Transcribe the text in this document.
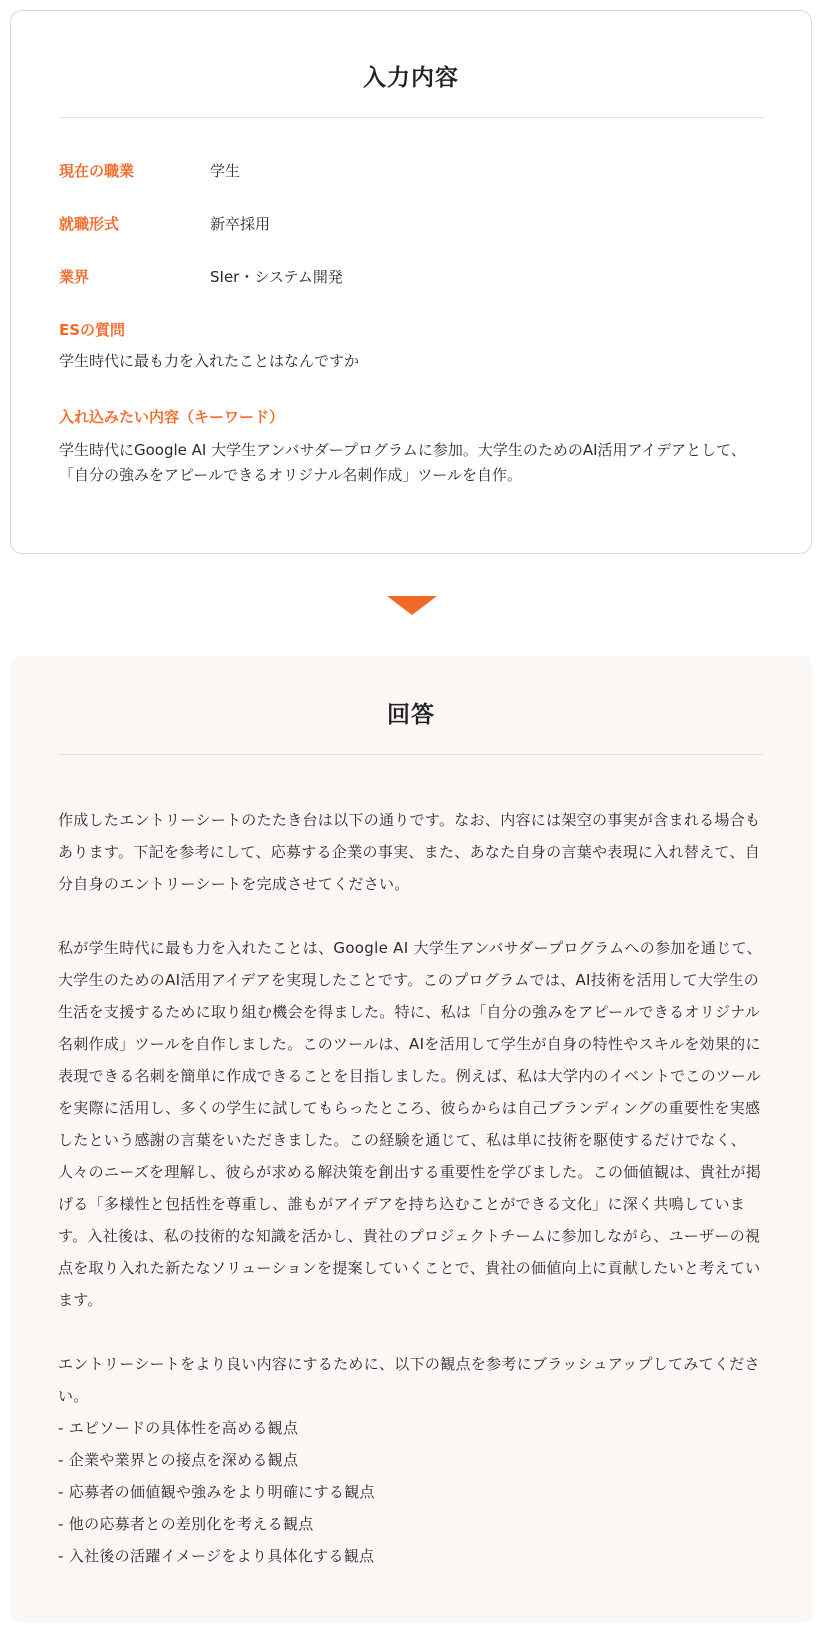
入力内容
現在の職業	学生
就職形式	新卒採用
業界	SIer・システム開発
ESの質問
学生時代に最も力を入れたことはなんですか
入れ込みたい内容（キーワード）
学生時代にGoogle AI 大学生アンバサダープログラムに参加。大学生のためのAI活用アイデアとして、「自分の強みをアピールできるオリジナル名刺作成」ツールを自作。
回答

作成したエントリーシートのたたき台は以下の通りです。なお、内容には架空の事実が含まれる場合もあります。下記を参考にして、応募する企業の事実、また、あなた自身の言葉や表現に入れ替えて、自分自身のエントリーシートを完成させてください。

私が学生時代に最も力を入れたことは、Google AI 大学生アンバサダープログラムへの参加を通じて、大学生のためのAI活用アイデアを実現したことです。このプログラムでは、AI技術を活用して大学生の生活を支援するために取り組む機会を得ました。特に、私は「自分の強みをアピールできるオリジナル名刺作成」ツールを自作しました。このツールは、AIを活用して学生が自身の特性やスキルを効果的に表現できる名刺を簡単に作成できることを目指しました。例えば、私は大学内のイベントでこのツールを実際に活用し、多くの学生に試してもらったところ、彼らからは自己ブランディングの重要性を実感したという感謝の言葉をいただきました。この経験を通じて、私は単に技術を駆使するだけでなく、人々のニーズを理解し、彼らが求める解決策を創出する重要性を学びました。この価値観は、貴社が掲げる「多様性と包括性を尊重し、誰もがアイデアを持ち込むことができる文化」に深く共鳴しています。入社後は、私の技術的な知識を活かし、貴社のプロジェクトチームに参加しながら、ユーザーの視点を取り入れた新たなソリューションを提案していくことで、貴社の価値向上に貢献したいと考えています。

エントリーシートをより良い内容にするために、以下の観点を参考にブラッシュアップしてみてください。
- エピソードの具体性を高める観点
- 企業や業界との接点を深める観点
- 応募者の価値観や強みをより明確にする観点
- 他の応募者との差別化を考える観点
- 入社後の活躍イメージをより具体化する観点
